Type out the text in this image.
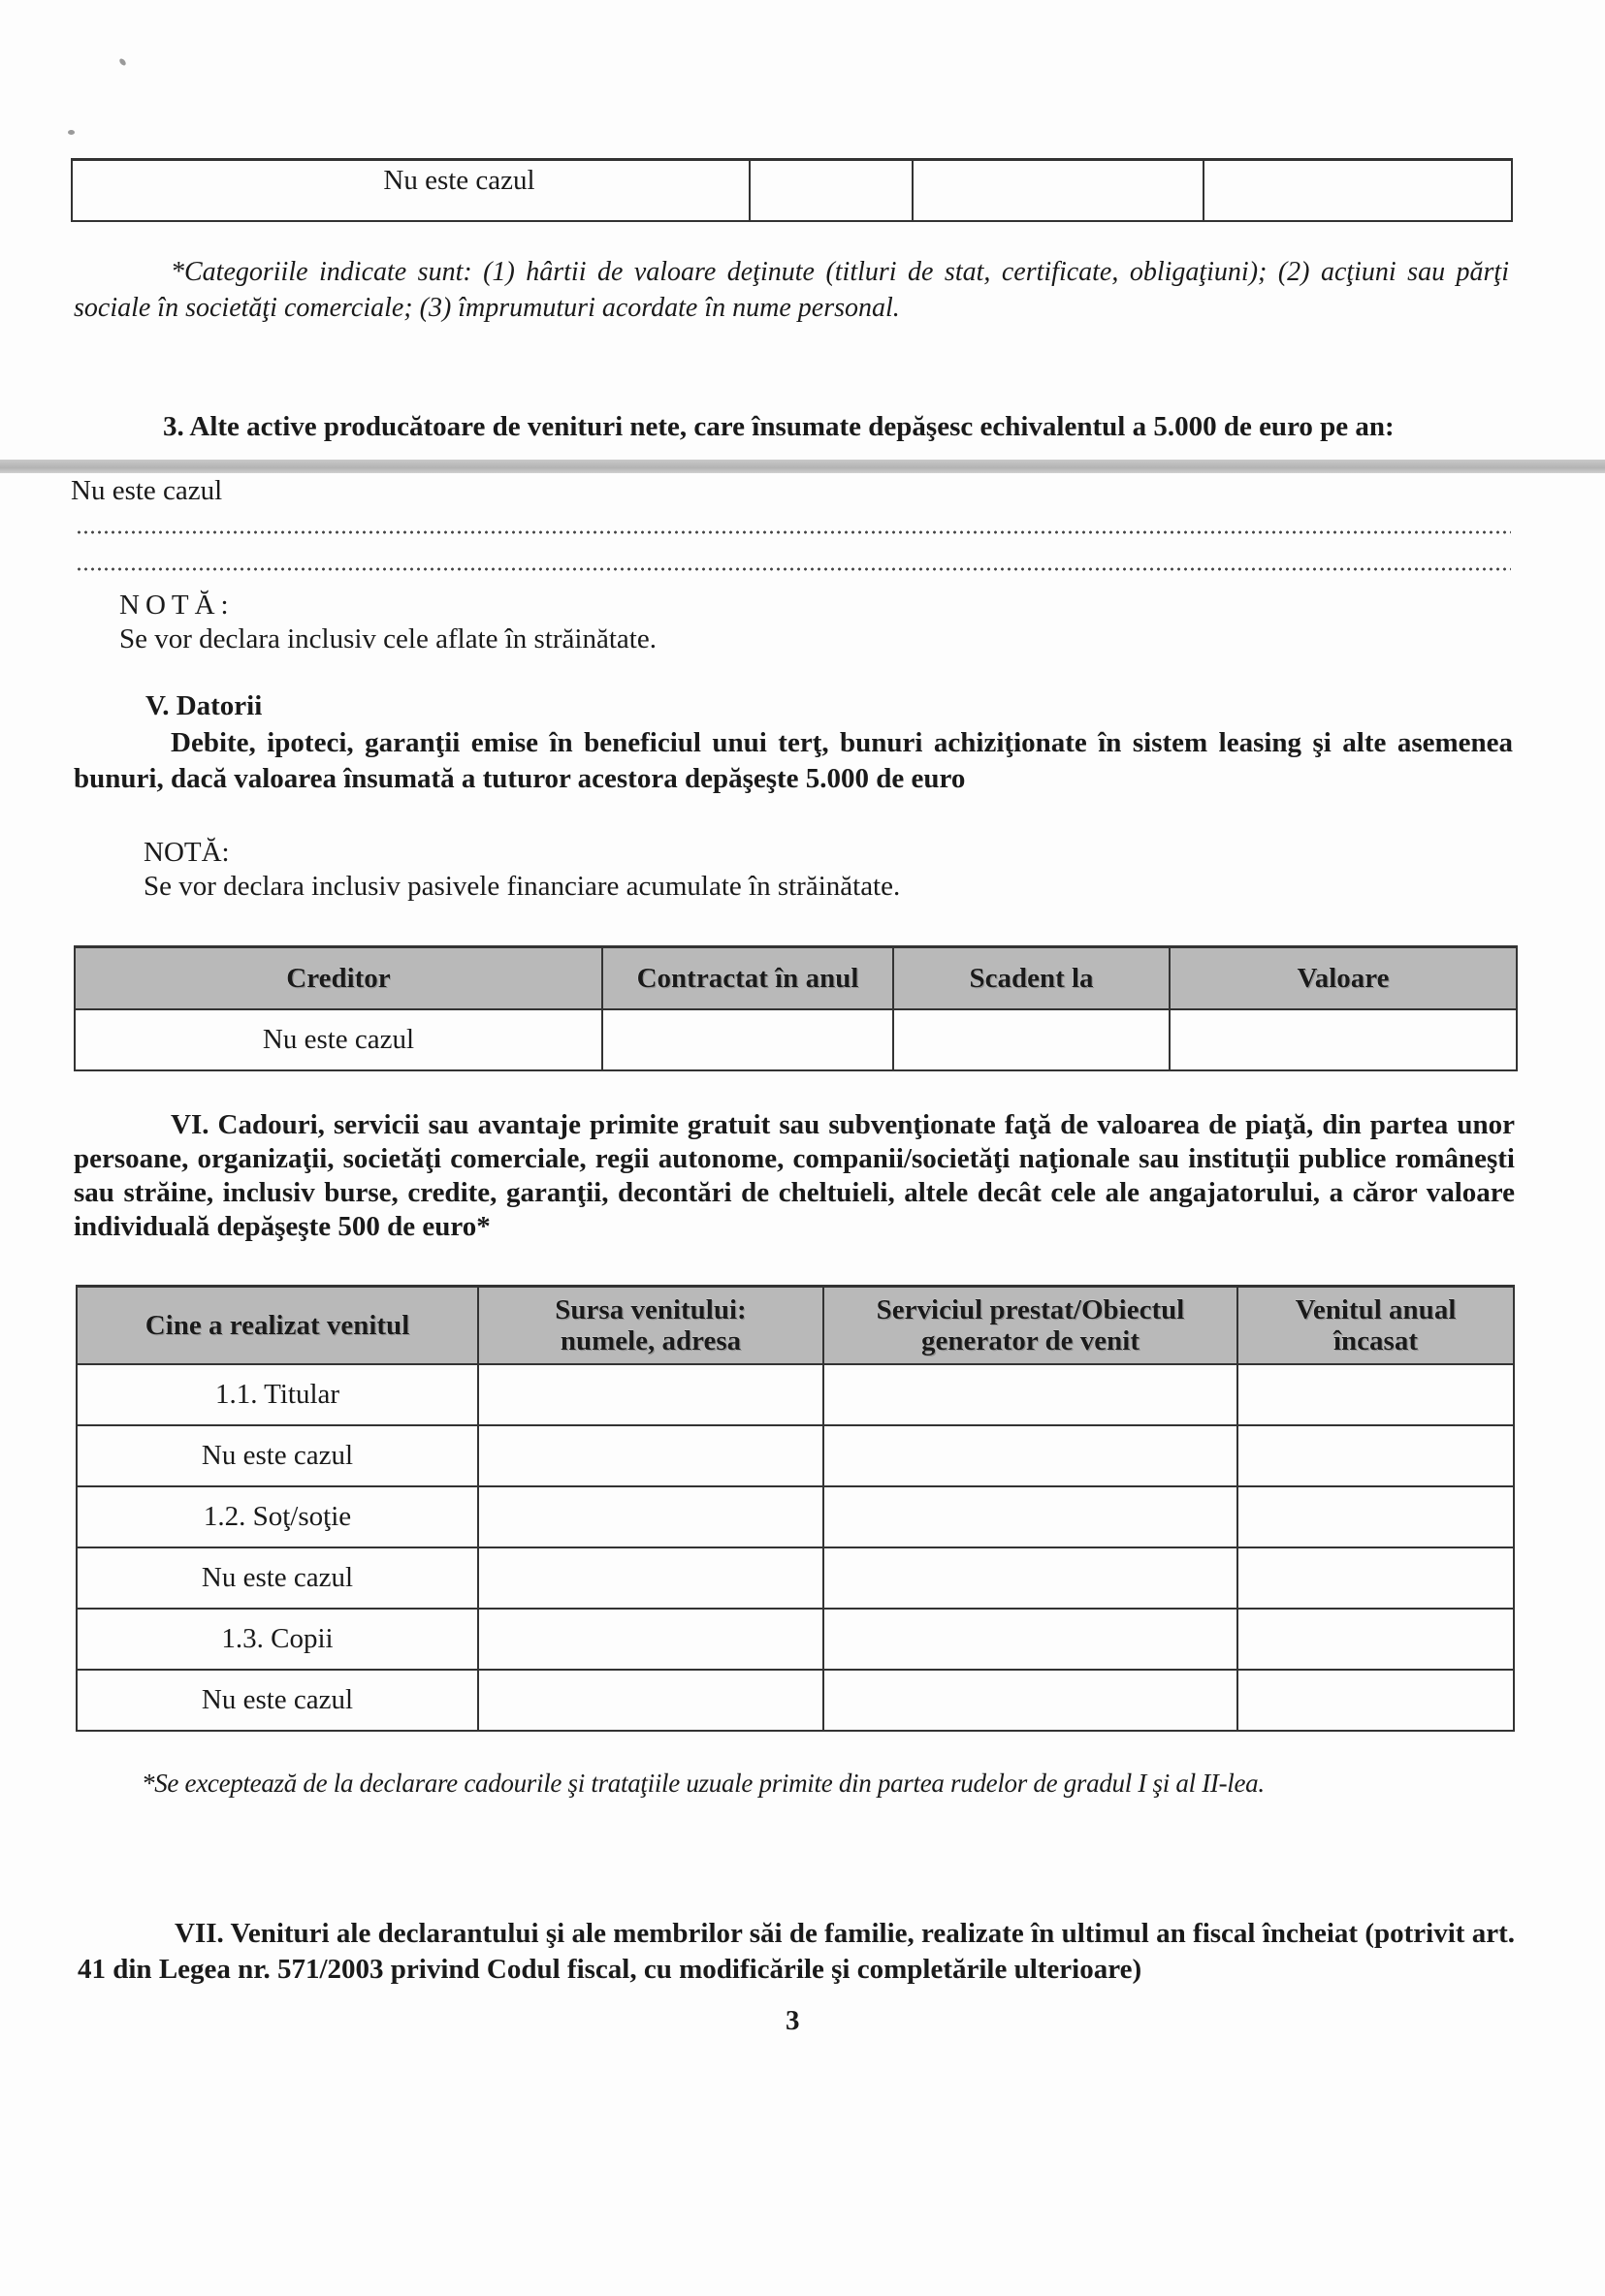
Nu este cazul			
*Categoriile indicate sunt: (1) hârtii de valoare deţinute (titluri de stat, certificate, obligaţiuni); (2) acţiuni sau părţi sociale în societăţi comerciale; (3) împrumuturi acordate în nume personal.
3. Alte active producătoare de venituri nete, care însumate depăşesc echivalentul a 5.000 de euro pe an:
Nu este cazul
NOTĂ:
Se vor declara inclusiv cele aflate în străinătate.
V. Datorii
Debite, ipoteci, garanţii emise în beneficiul unui terţ, bunuri achiziţionate în sistem leasing şi alte asemenea bunuri, dacă valoarea însumată a tuturor acestora depăşeşte 5.000 de euro
NOTĂ:
Se vor declara inclusiv pasivele financiare acumulate în străinătate.
Creditor	Contractat în anul	Scadent la	Valoare
Nu este cazul			
VI. Cadouri, servicii sau avantaje primite gratuit sau subvenţionate faţă de valoarea de piaţă, din partea unor persoane, organizaţii, societăţi comerciale, regii autonome, companii/societăţi naţionale sau instituţii publice româneşti sau străine, inclusiv burse, credite, garanţii, decontări de cheltuieli, altele decât cele ale angajatorului, a căror valoare individuală depăşeşte 500 de euro*
Cine a realizat venitul	Sursa venitului: numele, adresa	Serviciul prestat/Obiectul generator de venit	Venitul anual încasat
1.1. Titular			
Nu este cazul			
1.2. Soţ/soţie			
Nu este cazul			
1.3. Copii			
Nu este cazul			
*Se exceptează de la declarare cadourile şi trataţiile uzuale primite din partea rudelor de gradul I şi al II-lea.
VII. Venituri ale declarantului şi ale membrilor săi de familie, realizate în ultimul an fiscal încheiat (potrivit art. 41 din Legea nr. 571/2003 privind Codul fiscal, cu modificările şi completările ulterioare)
3
